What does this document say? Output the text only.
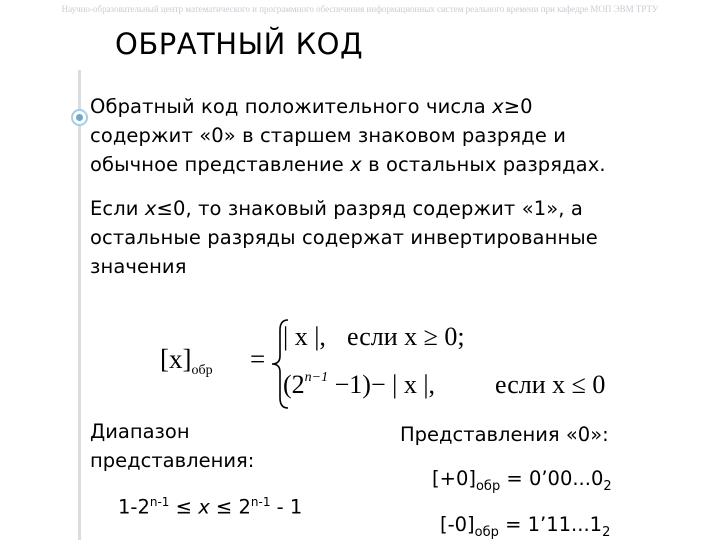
Научно-образовательный центр математического и программного обеспечения информационных систем реального времени при кафедре МОП ЭВМ ТРТУ
ОБРАТНЫЙ КОД
Обратный код положительного числа x≥0
содержит «0» в старшем знаковом разряде и
обычное представление x в остальных разрядах.
Если x≤0, то знаковый разряд содержит «1», а
остальные разряды содержат инвертированные
значения
$[x]_{обр}$ =
| x |, если x ≥ 0;
$(2^{n-1} -1)-$ | x |, если x ≤ 0
Диапазон
представления:
$1-2^{n-1} \le x \le 2^{n-1} - 1$
Представления «0»:
$[+0]_{обр}$ = $0’00...0_2$
$[-0]_{обр}$ = $1’11...1_2$
